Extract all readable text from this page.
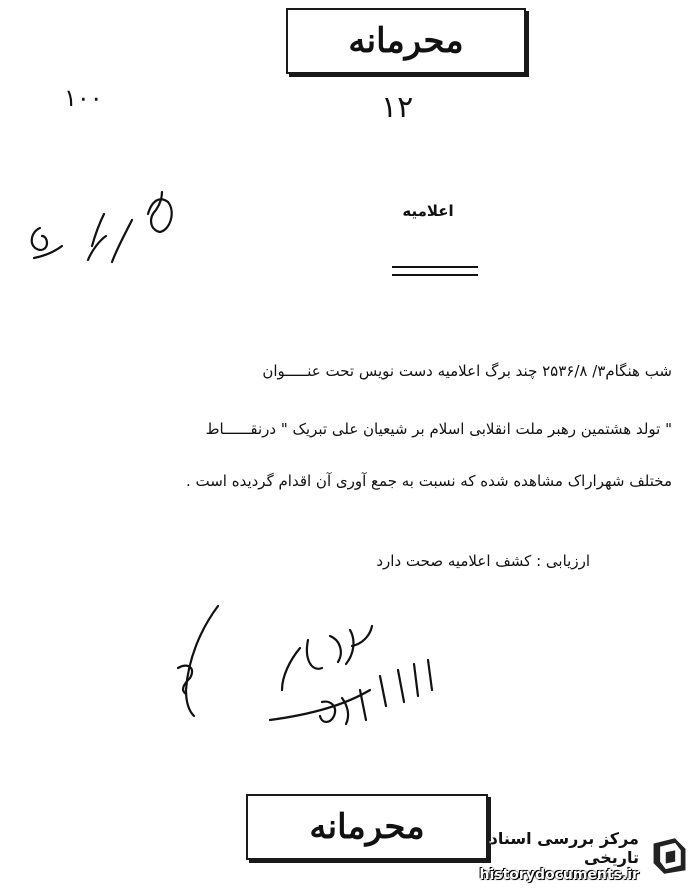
محرمانه
۱۰۰	۱۲
اعلامیه
شب هنگام۳/ ۲۵۳۶/۸ چند برگ اعلامیه دست نویس تحت عنـــــوان
" تولد هشتمین رهبر ملت انقلابی اسلام بر شیعیان علی تبریک " درنقــــــاط
مختلف شهراراک مشاهده شده که نسبت به جمع آوری آن اقدام گردیده است .
ارزیابی : کشف اعلامیه صحت دارد
محرمانه	مرکز بررسی اسناد تاریخی
historydocuments.ir
